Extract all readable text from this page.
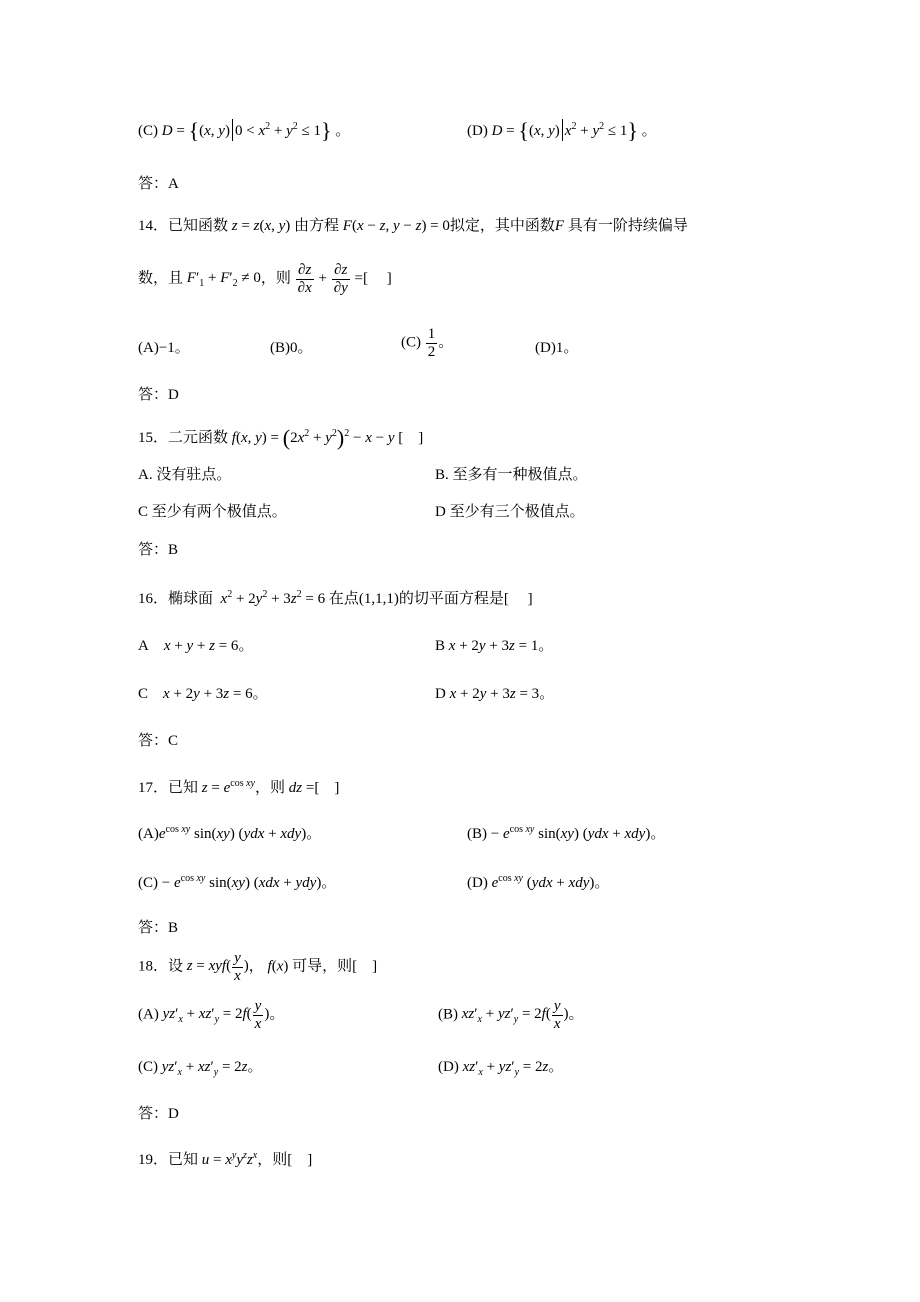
(C) D = {(x, y) $0 < x^2 + y^2 \le 1$} 。	(D) D = {(x, y) $x^2 + y^2 \le 1$} 。
答：A
14．已知函数 z = z(x, y) 由方程 F(x − z, y − z) = 0拟定，其中函数F 具有一阶持续偏导
数，且 $F'_1 + F'_2 \ne 0$，则 $\frac{\partial z}{\partial x} + \frac{\partial z}{\partial y}$ =[ ]
(A)−1。	(B)0。	$(C) \frac{1}{2}$ 。	(D)1。
答：D
15．二元函数 f(x, $y) = (2x^2 + y^2)^2 - x - y$ [ ]
A. 没有驻点。	B. 至多有一种极值点。
C 至少有两个极值点。	D 至少有三个极值点。
答：B
16．椭球面 $x^2 + 2y^2 + 3z^2 = 6$ 在点(1,1,1)的切平面方程是[ ]
A x + y + z = 6。	B x + 2y + 3z = 1。
C x + 2y + 3z = 6。	D x + 2y + 3z = 3。
答：C
17．已知 $z = e^{cos xy}$，则 dz =[ ]
$(A)e^{cos xy}$ sin(xy) (ydx + xdy)。	$(B) - e^{cos xy}$ sin(xy) (ydx + xdy)。
$(C) - e^{cos xy}$ sin(xy) (xdx + ydy)。	(D) $e^{cos xy}$ (ydx + xdy)。
答：B
18．设 $z = xyf( \frac{y}{x}$ )， f(x) 可导，则[ ]
(A) $yz'_x + xz'_y = 2f( \frac{y}{x}$ )。	(B) $xz'_x + yz'_y = 2f( \frac{y}{x}$ )。
(C) $yz'_x + xz'_y = 2z$。	(D) $xz'_x + yz'_y = 2z$。
答：D
19．已知 $u = x^yy^zz^x$，则[ ]
